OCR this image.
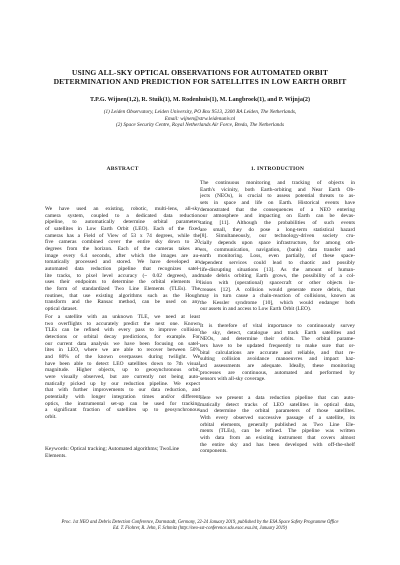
USING ALL-SKY OPTICAL OBSERVATIONS FOR AUTOMATED ORBIT
DETERMINATION AND PREDICTION FOR SATELLITES IN LOW EARTH ORBIT
T.P.G. Wijnen(1,2), R. Stuik(1), M. Rodenhuis(1), M. Langbroek(1), and P. Wijnja(2)
(1) Leiden Observatory, Leiden University, PO Box 9513, 2300 RA Leiden, The Netherlands,
Email: wijnen@strw.leidenuniv.nl
(2) Space Security Centre, Royal Netherlands Air Force, Breda, The Netherlands
ABSTRACT
We have used an existing, robotic, multi-lens, all-sky
camera system, coupled to a dedicated data reduction
pipeline, to automatically determine orbital parameters
of satellites in Low Earth Orbit (LEO). Each of the fixed
cameras has a Field of View of 53 x 74 degrees, while the
five cameras combined cover the entire sky down to 20
degrees from the horizon. Each of the cameras takes an
image every 6.4 seconds, after which the images are au-
tomatically processed and stored. We have developed an
automated data reduction pipeline that recognizes satel-
lite tracks, to pixel level accuracy (~ 0.02 degrees), and
uses their endpoints to determine the orbital elements in
the form of standardized Two Line Elements (TLEs). The
routines, that use existing algorithms such as the Hough
transform and the Ransac method, can be used on any
optical dataset.
For a satellite with an unknown TLE, we need at least
two overflights to accurately predict the next one. Known
TLEs can be refined with every pass to improve collision
detections or orbital decay predictions, for example. For
our current data analysis we have been focusing on satel-
lites in LEO, where we are able to recover between 50%
and 80% of the known overpasses during twilight. We
have been able to detect LEO satellites down to 7th visual
magnitude. Higher objects, up to geosynchronous orbit,
were visually observed, but are currently not being auto-
matically picked up by our reduction pipeline. We expect
that with further improvements to our data reduction, and
potentially with longer integration times and/or different
optics, the instrumental set-up can be used for tracking
a significant fraction of satellites up to geosynchronous
orbit.
Keywords: Optical tracking; Automated algorithms; TwoLine Elements.
1. INTRODUCTION
The continuous monitoring and tracking of objects in
Earth's vicinity, both Earth-orbiting and Near Earth Ob-
jects (NEOs), is crucial to assess potential threats to as-
sets in space and life on Earth. Historical events have
demonstrated that the consequences of a NEO entering
our atmosphere and impacting on Earth can be devas-
tating [11]. Although the probabilities of such events
are small, they do pose a long-term statistical hazard
[8]. Simultaneously, our technology-driven society cru-
cially depends upon space infrastructure, for among oth-
ers, communication, navigation, (bank) data transfer and
earth monitoring. Loss, even partially, of these space-
dependent services could lead to chaotic and possibly
life-disrupting situations [13]. As the amount of human-
made debris orbiting Earth grows, the possibility of a col-
lision with (operational) spacecraft or other objects in-
creases [12]. A collision would generate more debris, that
may in turn cause a chain-reaction of collisions, known as
the Kessler syndrome [10], which would endanger both
our assets in and access to Low Earth Orbit (LEO).
It is therefore of vital importance to continuously survey
the sky, detect, catalogue and track Earth satellites and
NEOs, and determine their orbits. The orbital parame-
ters have to be updated frequently to make sure that or-
bital calculations are accurate and reliable, and that re-
sulting collision avoidance manoeuvres and impact haz-
ard assessments are adequate. Ideally, these monitoring
processes are continuous, automated and performed by
sensors with all-sky coverage.
Here we present a data reduction pipeline that can auto-
matically detect tracks of LEO satellites in optical data,
and determine the orbital parameters of those satellites.
With every observed successive passage of a satellite, its
orbital elements, generally published as Two Line Ele-
ments (TLEs), can be refined. The pipeline was written
with data from an existing instrument that covers almost
the entire sky and has been developed with off-the-shelf
components.
Proc. 1st NEO and Debris Detection Conference, Darmstadt, Germany, 22-24 January 2019, published by the ESA Space Safety Programme Office
Ed. T. Flohrer, R. Jehn, F. Schmitz (http://neo-sst-conference.sdo.esoc.esa.int, January 2019)
